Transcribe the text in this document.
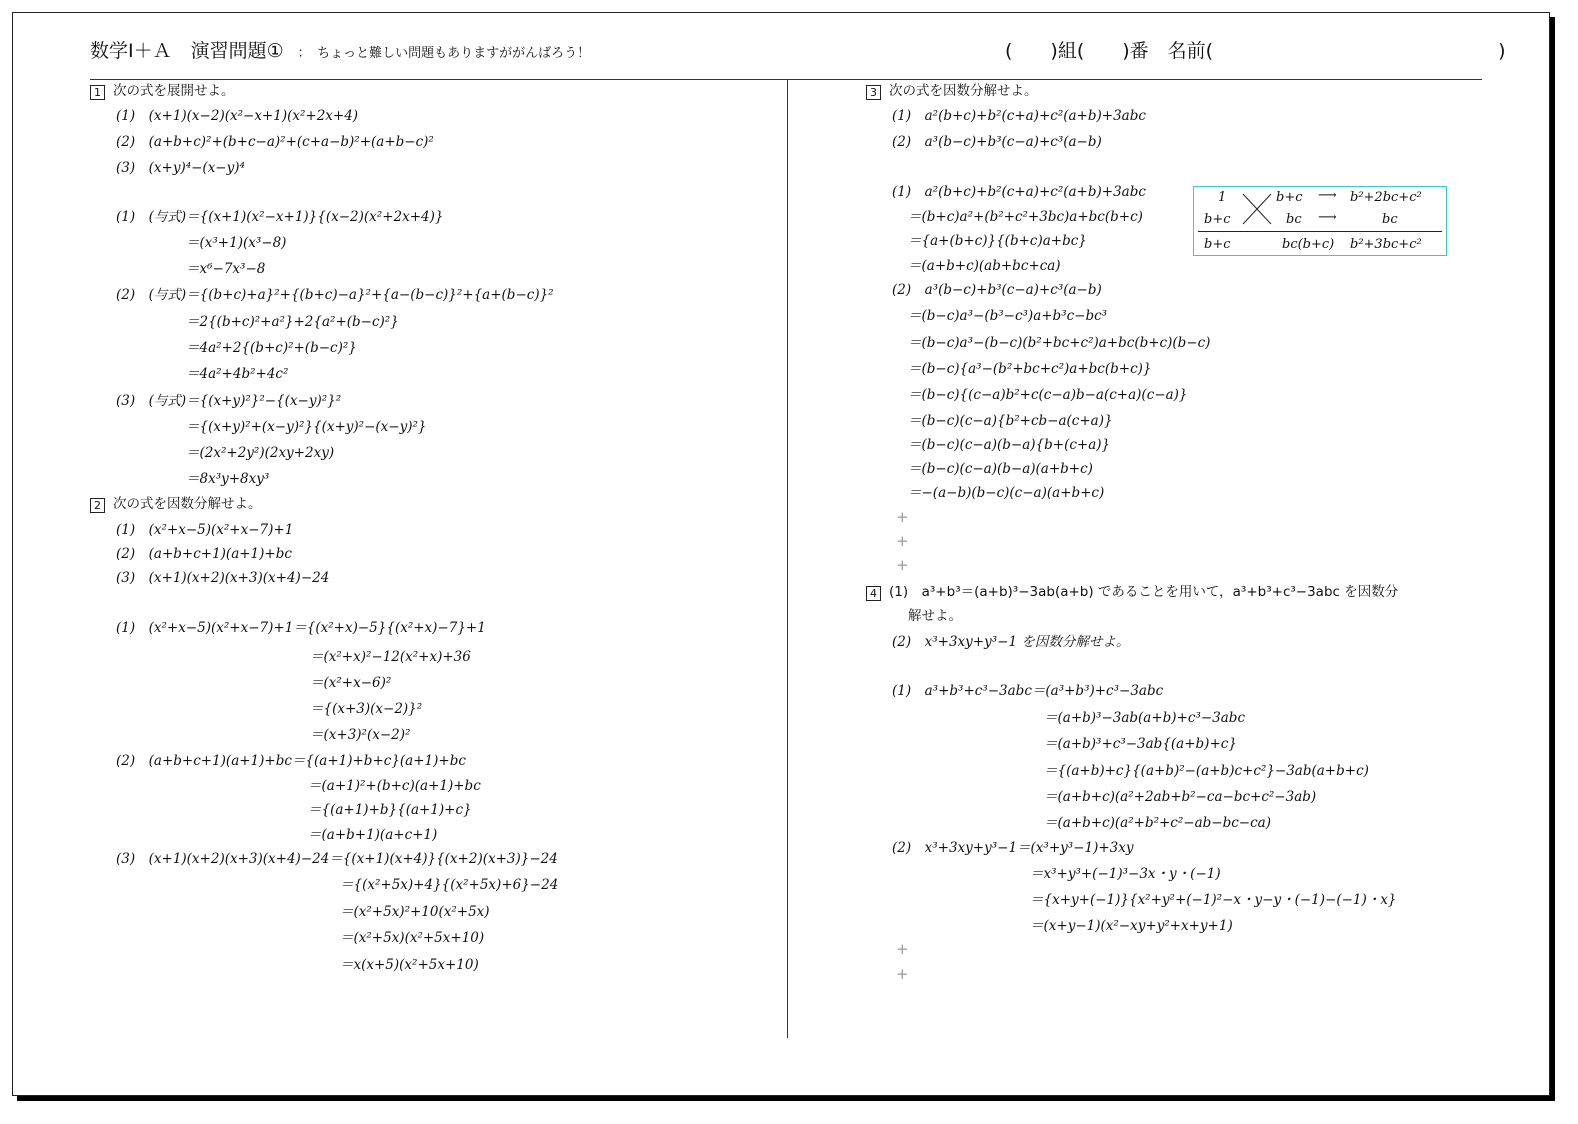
数学Ⅰ＋Ａ　演習問題① ：　ちょっと難しい問題もありますががんばろう！	(　　)組(　　)番　名前(　　　　　　　　　　　　　　　)
1 次の式を展開せよ。
(1)　(x+1)(x−2)(x²−x+1)(x²+2x+4)
(2)　(a+b+c)²+(b+c−a)²+(c+a−b)²+(a+b−c)²
(3)　(x+y)⁴−(x−y)⁴
(1)　(与式)＝{(x+1)(x²−x+1)}{(x−2)(x²+2x+4)}
＝(x³+1)(x³−8)
＝x⁶−7x³−8
(2)　(与式)＝{(b+c)+a}²+{(b+c)−a}²+{a−(b−c)}²+{a+(b−c)}²
＝2{(b+c)²+a²}+2{a²+(b−c)²}
＝4a²+2{(b+c)²+(b−c)²}
＝4a²+4b²+4c²
(3)　(与式)＝{(x+y)²}²−{(x−y)²}²
＝{(x+y)²+(x−y)²}{(x+y)²−(x−y)²}
＝(2x²+2y²)(2xy+2xy)
＝8x³y+8xy³
2 次の式を因数分解せよ。
(1)　(x²+x−5)(x²+x−7)+1
(2)　(a+b+c+1)(a+1)+bc
(3)　(x+1)(x+2)(x+3)(x+4)−24
(1)　(x²+x−5)(x²+x−7)+1＝{(x²+x)−5}{(x²+x)−7}+1
＝(x²+x)²−12(x²+x)+36
＝(x²+x−6)²
＝{(x+3)(x−2)}²
＝(x+3)²(x−2)²
(2)　(a+b+c+1)(a+1)+bc＝{(a+1)+b+c}(a+1)+bc
＝(a+1)²+(b+c)(a+1)+bc
＝{(a+1)+b}{(a+1)+c}
＝(a+b+1)(a+c+1)
(3)　(x+1)(x+2)(x+3)(x+4)−24＝{(x+1)(x+4)}{(x+2)(x+3)}−24
＝{(x²+5x)+4}{(x²+5x)+6}−24
＝(x²+5x)²+10(x²+5x)
＝(x²+5x)(x²+5x+10)
＝x(x+5)(x²+5x+10)
3 次の式を因数分解せよ。
(1)　a²(b+c)+b²(c+a)+c²(a+b)+3abc
(2)　a³(b−c)+b³(c−a)+c³(a−b)
(1)　a²(b+c)+b²(c+a)+c²(a+b)+3abc
＝(b+c)a²+(b²+c²+3bc)a+bc(b+c)
＝{a+(b+c)}{(b+c)a+bc}
＝(a+b+c)(ab+bc+ca)
(2)　a³(b−c)+b³(c−a)+c³(a−b)
＝(b−c)a³−(b³−c³)a+b³c−bc³
＝(b−c)a³−(b−c)(b²+bc+c²)a+bc(b+c)(b−c)
＝(b−c){a³−(b²+bc+c²)a+bc(b+c)}
＝(b−c){(c−a)b²+c(c−a)b−a(c+a)(c−a)}
＝(b−c)(c−a){b²+cb−a(c+a)}
＝(b−c)(c−a)(b−a){b+(c+a)}
＝(b−c)(c−a)(b−a)(a+b+c)
＝−(a−b)(b−c)(c−a)(a+b+c)
+
+
+
4 (1)　a³+b³＝(a+b)³−3ab(a+b) であることを用いて，a³+b³+c³−3abc を因数分
解せよ。
(2)　x³+3xy+y³−1 を因数分解せよ。
(1)　a³+b³+c³−3abc＝(a³+b³)+c³−3abc
＝(a+b)³−3ab(a+b)+c³−3abc
＝(a+b)³+c³−3ab{(a+b)+c}
＝{(a+b)+c}{(a+b)²−(a+b)c+c²}−3ab(a+b+c)
＝(a+b+c)(a²+2ab+b²−ca−bc+c²−3ab)
＝(a+b+c)(a²+b²+c²−ab−bc−ca)
(2)　x³+3xy+y³−1＝(x³+y³−1)+3xy
＝x³+y³+(−1)³−3x・y・(−1)
＝{x+y+(−1)}{x²+y²+(−1)²−x・y−y・(−1)−(−1)・x}
＝(x+y−1)(x²−xy+y²+x+y+1)
+
+
1
b+c
b+c
b+c
bc
bc(b+c)
⟶
⟶
b²+2bc+c²
bc
b²+3bc+c²
